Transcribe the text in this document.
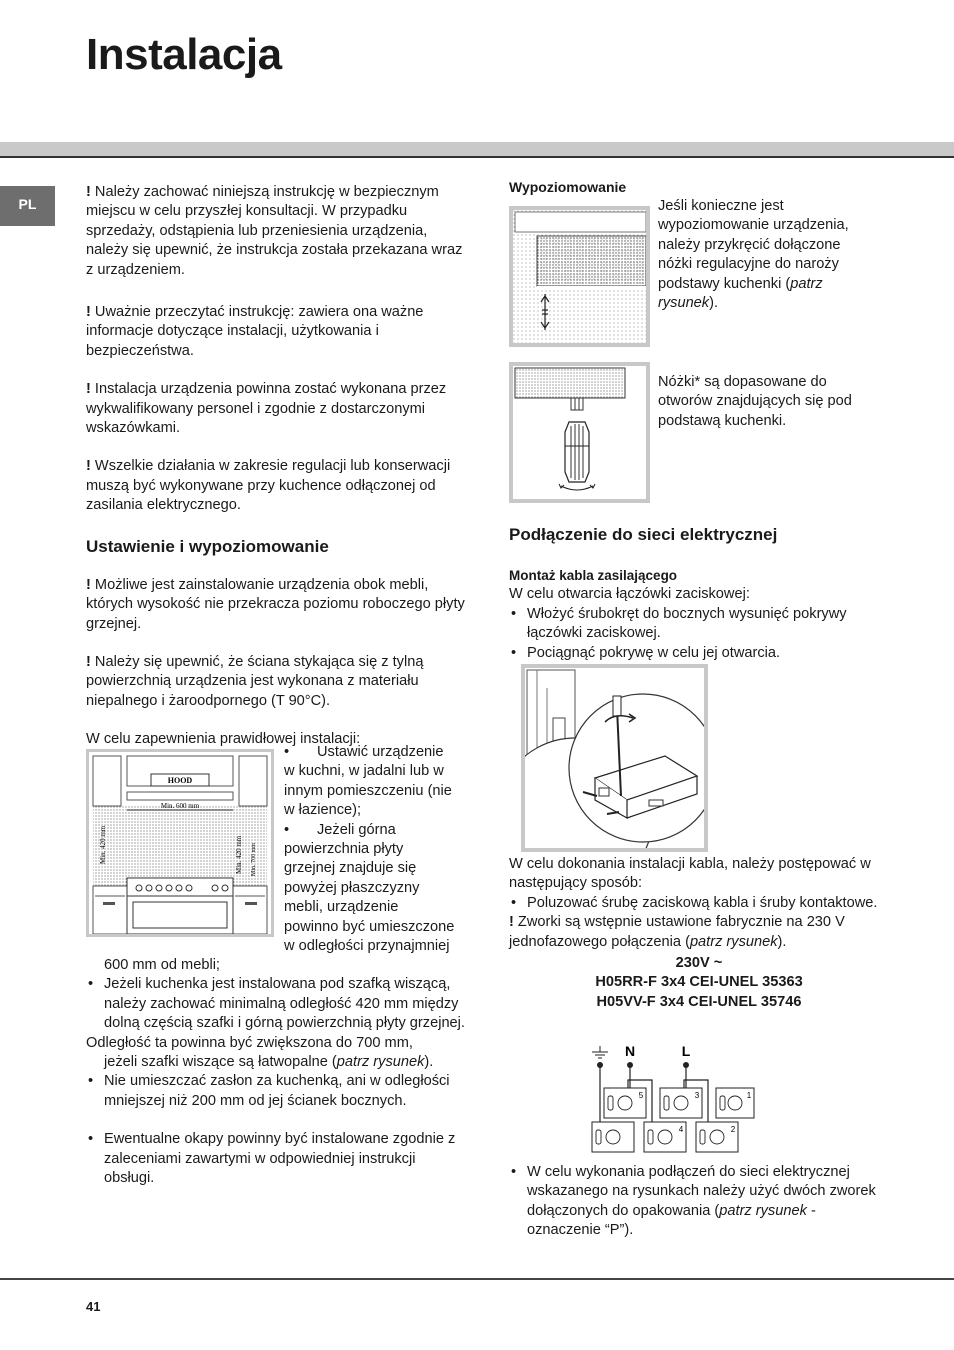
Instalacja
PL

! Należy zachować niniejszą instrukcję w bezpiecznym miejscu w celu przyszłej konsultacji. W przypadku sprzedaży, odstąpienia lub przeniesienia urządzenia, należy się upewnić, że instrukcja została przekazana wraz z urządzeniem.

! Uważnie przeczytać instrukcję: zawiera ona ważne informacje dotyczące instalacji, użytkowania i bezpieczeństwa.

! Instalacja urządzenia powinna zostać wykonana przez wykwalifikowany personel i zgodnie z dostarczonymi wskazówkami.

! Wszelkie działania w zakresie regulacji lub konserwacji muszą być wykonywane przy kuchence odłączonej od zasilania elektrycznego.

Ustawienie i wypoziomowanie

! Możliwe jest zainstalowanie urządzenia obok mebli, których wysokość nie przekracza poziomu roboczego płyty grzejnej.

! Należy się upewnić, że ściana stykająca się z tylną powierzchnią urządzenia jest wykonana z materiału niepalnego i żaroodpornego (T 90°C).

W celu zapewnienia prawidłowej instalacji:

HOOD
Min. 600 mm
Min. 420 mm	Min. 420 mm Min. 700 mm

•	Ustawić urządzenie

w kuchni, w jadalni lub w

innym pomieszczeniu (nie

w łazience);

•	Jeżeli górna

powierzchnia płyty

grzejnej znajduje się

powyżej płaszczyzny

mebli, urządzenie

powinno być umieszczone

w odległości przynajmniej

600 mm od mebli;

• Jeżeli kuchenka jest instalowana pod szafką wiszącą, należy zachować minimalną odległość 420 mm między dolną częścią szafki i górną powierzchnią płyty grzejnej.

Odległość ta powinna być zwiększona do 700 mm,

jeżeli szafki wiszące są łatwopalne (patrz rysunek).

• Nie umieszczać zasłon za kuchenką, ani w odległości mniejszej niż 200 mm od jej ścianek bocznych.

• Ewentualne okapy powinny być instalowane zgodnie z zaleceniami zawartymi w odpowiedniej instrukcji obsługi.

Wypoziomowanie

Jeśli konieczne jest wypoziomowanie urządzenia, należy przykręcić dołączone nóżki regulacyjne do naroży podstawy kuchenki (patrz rysunek).

Nóżki* są dopasowane do otworów znajdujących się pod podstawą kuchenki.

Podłączenie do sieci elektrycznej

Montaż kabla zasilającego

W celu otwarcia łączówki zaciskowej:

• Włożyć śrubokręt do bocznych wysunięć pokrywy łączówki zaciskowej.

• Pociągnąć pokrywę w celu jej otwarcia.

W celu dokonania instalacji kabla, należy postępować w następujący sposób:

• Poluzować śrubę zaciskową kabla i śruby kontaktowe.

! Zworki są wstępnie ustawione fabrycznie na 230 V jednofazowego połączenia (patrz rysunek).

230V ~

H05RR-F 3x4 CEI-UNEL 35363

H05VV-F 3x4 CEI-UNEL 35746

N	L
5	3	1
4	2

• W celu wykonania podłączeń do sieci elektrycznej wskazanego na rysunkach należy użyć dwóch zworek dołączonych do opakowania (patrz rysunek - oznaczenie “P”).

41
